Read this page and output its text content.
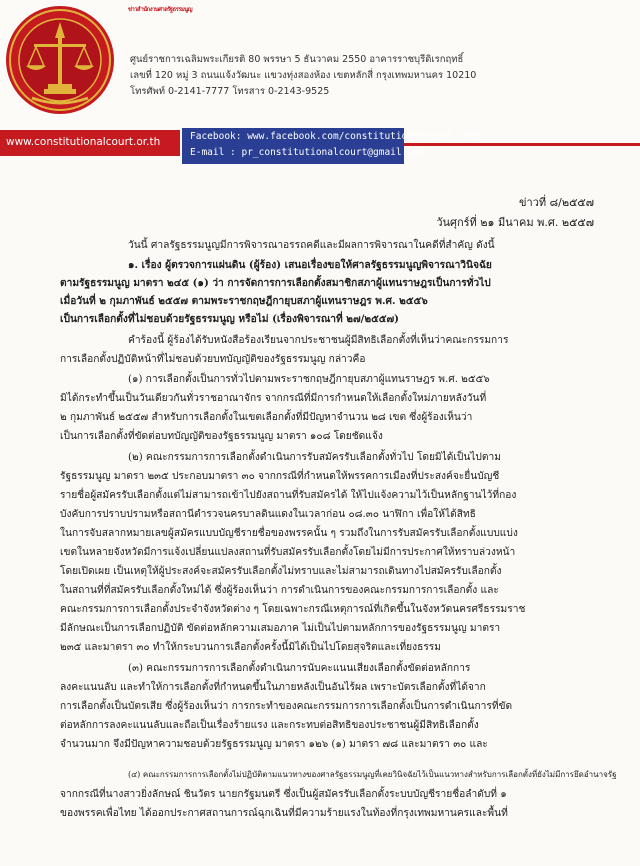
ข่าวสำนักงานศาลรัฐธรรมนูญ
ศูนย์ราชการเฉลิมพระเกียรติ 80 พรรษา 5 ธันวาคม 2550 อาคารราชบุรีดิเรกฤทธิ์
เลขที่ 120 หมู่ 3 ถนนแจ้งวัฒนะ แขวงทุ่งสองห้อง เขตหลักสี่ กรุงเทพมหานคร 10210
โทรศัพท์ 0-2141-7777 โทรสาร 0-2143-9525
www.constitutionalcourt.or.th	Facebook: www.facebook.com/constitutionalcourt.thai
E-mail : pr_constitutionalcourt@gmail.com
ข่าวที่ ๘/๒๕๕๗
วันศุกร์ที่ ๒๑ มีนาคม พ.ศ. ๒๕๕๗
วันนี้ ศาลรัฐธรรมนูญมีการพิจารณาอรรถคดีและมีผลการพิจารณาในคดีที่สำคัญ ดังนี้
๑. เรื่อง ผู้ตรวจการแผ่นดิน (ผู้ร้อง) เสนอเรื่องขอให้ศาลรัฐธรรมนูญพิจารณาวินิจฉัย
ตามรัฐธรรมนูญ มาตรา ๒๔๕ (๑) ว่า การจัดการการเลือกตั้งสมาชิกสภาผู้แทนราษฎรเป็นการทั่วไป
เมื่อวันที่ ๒ กุมภาพันธ์ ๒๕๕๗ ตามพระราชกฤษฎีกายุบสภาผู้แทนราษฎร พ.ศ. ๒๕๕๖
เป็นการเลือกตั้งที่ไม่ชอบด้วยรัฐธรรมนูญ หรือไม่ (เรื่องพิจารณาที่ ๒๗/๒๕๕๗)
คำร้องนี้ ผู้ร้องได้รับหนังสือร้องเรียนจากประชาชนผู้มีสิทธิเลือกตั้งที่เห็นว่าคณะกรรมการ
การเลือกตั้งปฏิบัติหน้าที่ไม่ชอบด้วยบทบัญญัติของรัฐธรรมนูญ กล่าวคือ
(๑) การเลือกตั้งเป็นการทั่วไปตามพระราชกฤษฎีกายุบสภาผู้แทนราษฎร พ.ศ. ๒๕๕๖
มิได้กระทำขึ้นเป็นวันเดียวกันทั่วราชอาณาจักร จากกรณีที่มีการกำหนดให้เลือกตั้งใหม่ภายหลังวันที่
๒ กุมภาพันธ์ ๒๕๕๗ สำหรับการเลือกตั้งในเขตเลือกตั้งที่มีปัญหาจำนวน ๒๘ เขต ซึ่งผู้ร้องเห็นว่า
เป็นการเลือกตั้งที่ขัดต่อบทบัญญัติของรัฐธรรมนูญ มาตรา ๑๐๘ โดยชัดแจ้ง
(๒) คณะกรรมการการเลือกตั้งดำเนินการรับสมัครรับเลือกตั้งทั่วไป โดยมิได้เป็นไปตาม
รัฐธรรมนูญ มาตรา ๒๓๕ ประกอบมาตรา ๓๐ จากกรณีที่กำหนดให้พรรคการเมืองที่ประสงค์จะยื่นบัญชี
รายชื่อผู้สมัครรับเลือกตั้งแต่ไม่สามารถเข้าไปยังสถานที่รับสมัครได้ ให้ไปแจ้งความไว้เป็นหลักฐานไว้ที่กอง
บังคับการปราบปรามหรือสถานีตำรวจนครบาลดินแดงในเวลาก่อน ๐๘.๓๐ นาฬิกา เพื่อให้ได้สิทธิ
ในการจับสลากหมายเลขผู้สมัครแบบบัญชีรายชื่อของพรรคนั้น ๆ รวมถึงในการรับสมัครรับเลือกตั้งแบบแบ่ง
เขตในหลายจังหวัดมีการแจ้งเปลี่ยนแปลงสถานที่รับสมัครรับเลือกตั้งโดยไม่มีการประกาศให้ทราบล่วงหน้า
โดยเปิดเผย เป็นเหตุให้ผู้ประสงค์จะสมัครรับเลือกตั้งไม่ทราบและไม่สามารถเดินทางไปสมัครรับเลือกตั้ง
ในสถานที่ที่สมัครรับเลือกตั้งใหม่ได้ ซึ่งผู้ร้องเห็นว่า การดำเนินการของคณะกรรมการการเลือกตั้ง และ
คณะกรรมการการเลือกตั้งประจำจังหวัดต่าง ๆ โดยเฉพาะกรณีเหตุการณ์ที่เกิดขึ้นในจังหวัดนครศรีธรรมราช
มีลักษณะเป็นการเลือกปฏิบัติ ขัดต่อหลักความเสมอภาค ไม่เป็นไปตามหลักการของรัฐธรรมนูญ มาตรา
๒๓๕ และมาตรา ๓๐ ทำให้กระบวนการเลือกตั้งครั้งนี้มิได้เป็นไปโดยสุจริตและเที่ยงธรรม
(๓) คณะกรรมการการเลือกตั้งดำเนินการนับคะแนนเสียงเลือกตั้งขัดต่อหลักการ
ลงคะแนนลับ และทำให้การเลือกตั้งที่กำหนดขึ้นในภายหลังเป็นอันไร้ผล เพราะบัตรเลือกตั้งที่ได้จาก
การเลือกตั้งเป็นบัตรเสีย ซึ่งผู้ร้องเห็นว่า การกระทำของคณะกรรมการการเลือกตั้งเป็นการดำเนินการที่ขัด
ต่อหลักการลงคะแนนลับและถือเป็นเรื่องร้ายแรง และกระทบต่อสิทธิของประชาชนผู้มีสิทธิเลือกตั้ง
จำนวนมาก จึงมีปัญหาความชอบด้วยรัฐธรรมนูญ มาตรา ๑๒๖ (๑) มาตรา ๗๘ และมาตรา ๓๐ และ
(๔) คณะกรรมการการเลือกตั้งไม่ปฏิบัติตามแนวทางของศาลรัฐธรรมนูญที่เคยวินิจฉัยไว้เป็นแนวทางสำหรับการเลือกตั้งที่ยังไม่มีการยึดอำนาจรัฐ
จากกรณีที่นางสาวยิ่งลักษณ์ ชินวัตร นายกรัฐมนตรี ซึ่งเป็นผู้สมัครรับเลือกตั้งระบบบัญชีรายชื่อลำดับที่ ๑
ของพรรคเพื่อไทย ได้ออกประกาศสถานการณ์ฉุกเฉินที่มีความร้ายแรงในท้องที่กรุงเทพมหานครและพื้นที่
